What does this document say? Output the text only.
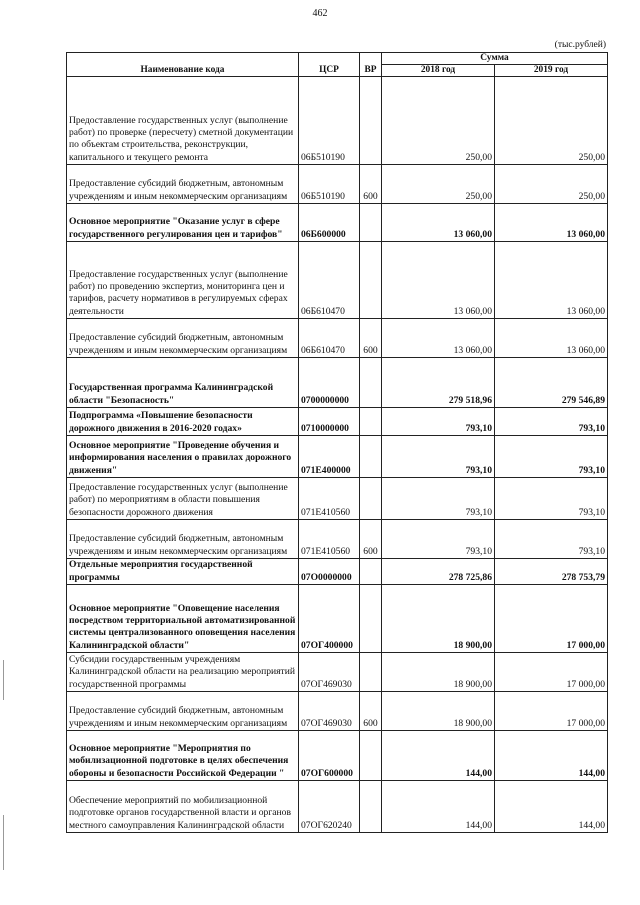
462
(тыс.рублей)
Наименование кода	ЦСР	ВР	Сумма	
			2018 год	2019 год
Предоставление государственных услуг (выполнение работ) по проверке (пересчету) сметной документации по объектам строительства, реконструкции, капитального и текущего ремонта	06Б510190		250,00	250,00
Предоставление субсидий бюджетным, автономным учреждениям и иным некоммерческим организациям	06Б510190	600	250,00	250,00
Основное мероприятие "Оказание услуг в сфере государственного регулирования цен и тарифов"	06Б600000		13 060,00	13 060,00
Предоставление государственных услуг (выполнение работ) по проведению экспертиз, мониторинга цен и тарифов, расчету нормативов в регулируемых сферах деятельности	06Б610470		13 060,00	13 060,00
Предоставление субсидий бюджетным, автономным учреждениям и иным некоммерческим организациям	06Б610470	600	13 060,00	13 060,00
Государственная программа Калининградской области "Безопасность"	0700000000		279 518,96	279 546,89
Подпрограмма «Повышение безопасности дорожного движения в 2016-2020 годах»	0710000000		793,10	793,10
Основное мероприятие "Проведение обучения и информирования населения о правилах дорожного движения"	071Е400000		793,10	793,10
Предоставление государственных услуг (выполнение работ) по мероприятиям в области повышения безопасности дорожного движения	071Е410560		793,10	793,10
Предоставление субсидий бюджетным, автономным учреждениям и иным некоммерческим организациям	071Е410560	600	793,10	793,10
Отдельные мероприятия государственной программы	07О0000000		278 725,86	278 753,79
Основное мероприятие "Оповещение населения посредством территориальной автоматизированной системы централизованного оповещения населения Калининградской области"	07ОГ400000		18 900,00	17 000,00
Субсидии государственным учреждениям Калининградской области на реализацию мероприятий государственной программы	07ОГ469030		18 900,00	17 000,00
Предоставление субсидий бюджетным, автономным учреждениям и иным некоммерческим организациям	07ОГ469030	600	18 900,00	17 000,00
Основное мероприятие "Мероприятия по мобилизационной подготовке в целях обеспечения обороны и безопасности Российской Федерации "	07ОГ600000		144,00	144,00
Обеспечение мероприятий по мобилизационной подготовке органов государственной власти и органов местного самоуправления Калининградской области	07ОГ620240		144,00	144,00
